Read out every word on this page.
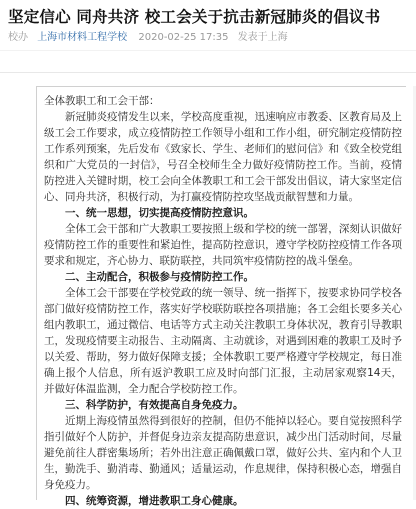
坚定信心 同舟共济 校工会关于抗击新冠肺炎的倡议书
校办 上海市材料工程学校 2020-02-25 17:35 发表于上海

全体教职工和工会干部：

新冠肺炎疫情发生以来，学校高度重视，迅速响应市教委、区教育局及上级工会工作要求，成立疫情防控工作领导小组和工作小组，研究制定疫情防控工作系列预案，先后发布《致家长、学生、老师们的慰问信》和《致全校党组织和广大党员的一封信》，号召全校师生全力做好疫情防控工作。当前，疫情防控进入关键时期，校工会向全体教职工和工会干部发出倡议，请大家坚定信心、同舟共济，积极行动，为打赢疫情防控攻坚战贡献智慧和力量。

一、统一思想，切实提高疫情防控意识。

全体工会干部和广大教职工要按照上级和学校的统一部署，深刻认识做好疫情防控工作的重要性和紧迫性，提高防控意识，遵守学校防控疫情工作各项要求和规定，齐心协力、联防联控，共同筑牢疫情防控的战斗堡垒。

二、主动配合，积极参与疫情防控工作。

全体工会干部要在学校党政的统一领导、统一指挥下，按要求协同学校各部门做好疫情防控工作，落实好学校联防联控各项措施；各工会组长要多关心组内教职工，通过微信、电话等方式主动关注教职工身体状况，教育引导教职工，发现疫情要主动报告、主动隔离、主动就诊，对遇到困难的教职工及时予以关爱、帮助，努力做好保障支援；全体教职工要严格遵守学校规定，每日准确上报个人信息，所有返沪教职工应及时向部门汇报，主动居家观察14天，并做好体温监测，全力配合学校防控工作。

三、科学防护，有效提高自身免疫力。

近期上海疫情虽然得到很好的控制，但仍不能掉以轻心。要自觉按照科学指引做好个人防护，并督促身边亲友提高防患意识，减少出门活动时间，尽量避免前往人群密集场所；若外出注意正确佩戴口罩，做好公共、室内和个人卫生，勤洗手、勤消毒、勤通风；适量运动，作息规律，保持积极心态，增强自身免疫力。

四、统筹资源，增进教职工身心健康。
